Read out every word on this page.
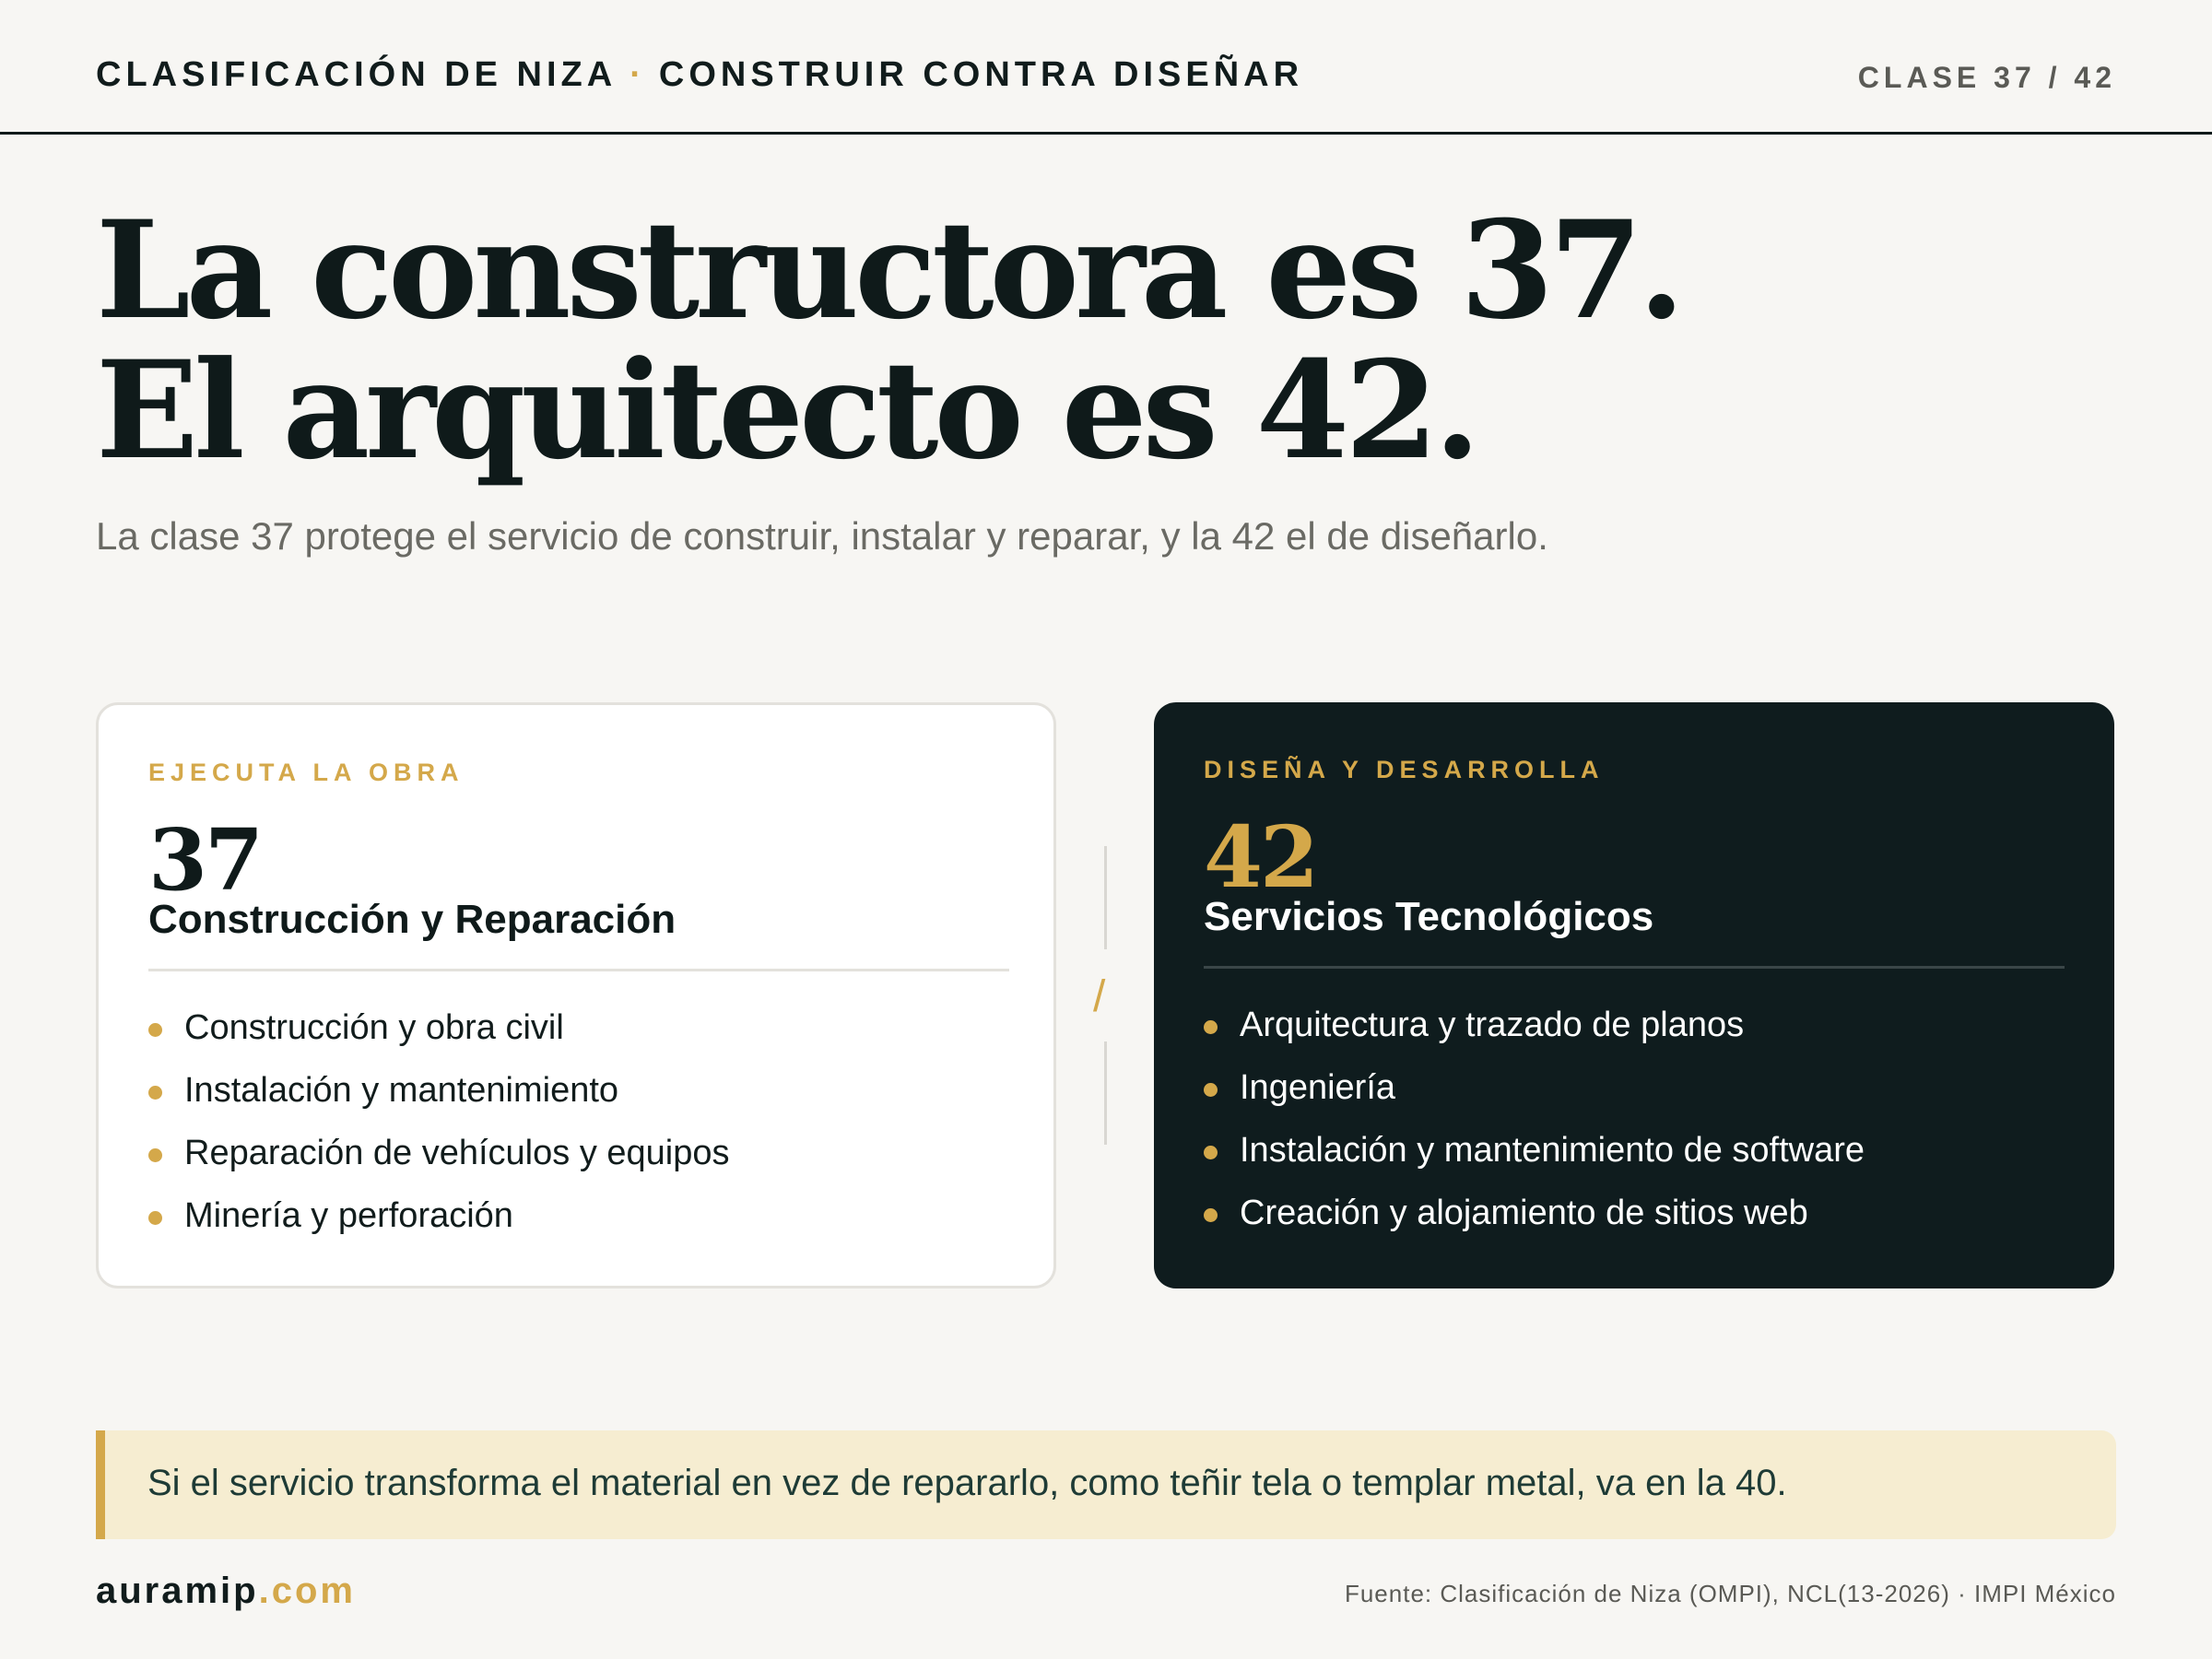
CLASIFICACIÓN DE NIZA · CONSTRUIR CONTRA DISEÑAR	CLASE 37 / 42
La constructora es 37.
El arquitecto es 42.
La clase 37 protege el servicio de construir, instalar y reparar, y la 42 el de diseñarlo.
EJECUTA LA OBRA
37
Construcción y Reparación
Construcción y obra civil
Instalación y mantenimiento
Reparación de vehículos y equipos
Minería y perforación
/
DISEÑA Y DESARROLLA
42
Servicios Tecnológicos
Arquitectura y trazado de planos
Ingeniería
Instalación y mantenimiento de software
Creación y alojamiento de sitios web
Si el servicio transforma el material en vez de repararlo, como teñir tela o templar metal, va en la 40.
auramip.com	Fuente: Clasificación de Niza (OMPI), NCL(13-2026) · IMPI México
